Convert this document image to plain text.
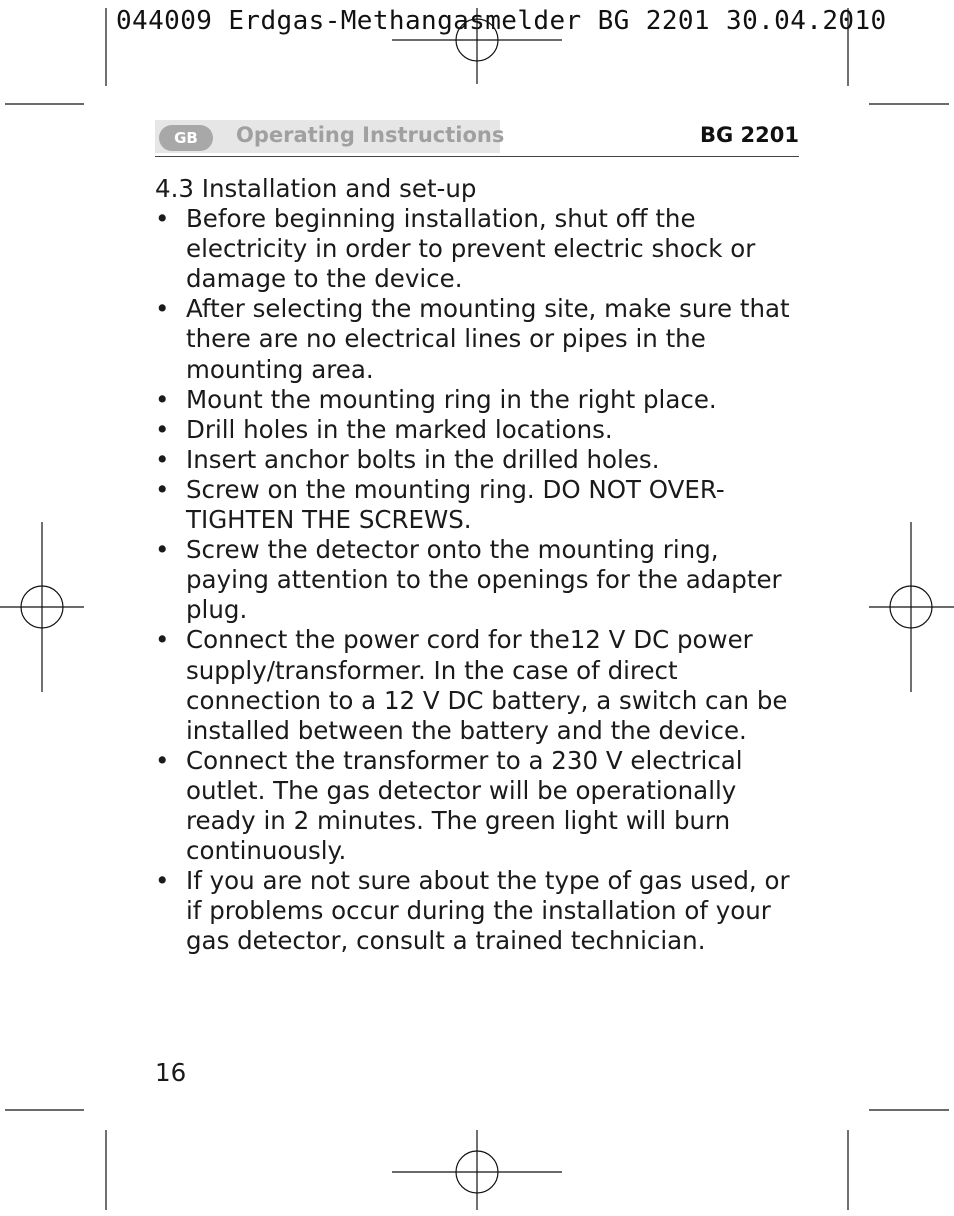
044009 Erdgas-Methangasmelder BG 2201 30.04.2010
GB	Operating Instructions	BG 2201
4.3 Installation and set-up
• Before beginning installation, shut off the electricity in order to prevent electric shock or damage to the device.
• After selecting the mounting site, make sure that there are no electrical lines or pipes in the mounting area.
• Mount the mounting ring in the right place.
• Drill holes in the marked locations.
• Insert anchor bolts in the drilled holes.
• Screw on the mounting ring. DO NOT OVER-TIGHTEN THE SCREWS.
• Screw the detector onto the mounting ring, paying attention to the openings for the adapter plug.
• Connect the power cord for the12 V DC power supply/transformer. In the case of direct connection to a 12 V DC battery, a switch can be installed between the battery and the device.
• Connect the transformer to a 230 V electrical outlet. The gas detector will be operationally ready in 2 minutes. The green light will burn continuously.
• If you are not sure about the type of gas used, or if problems occur during the installation of your gas detector, consult a trained technician.
16
